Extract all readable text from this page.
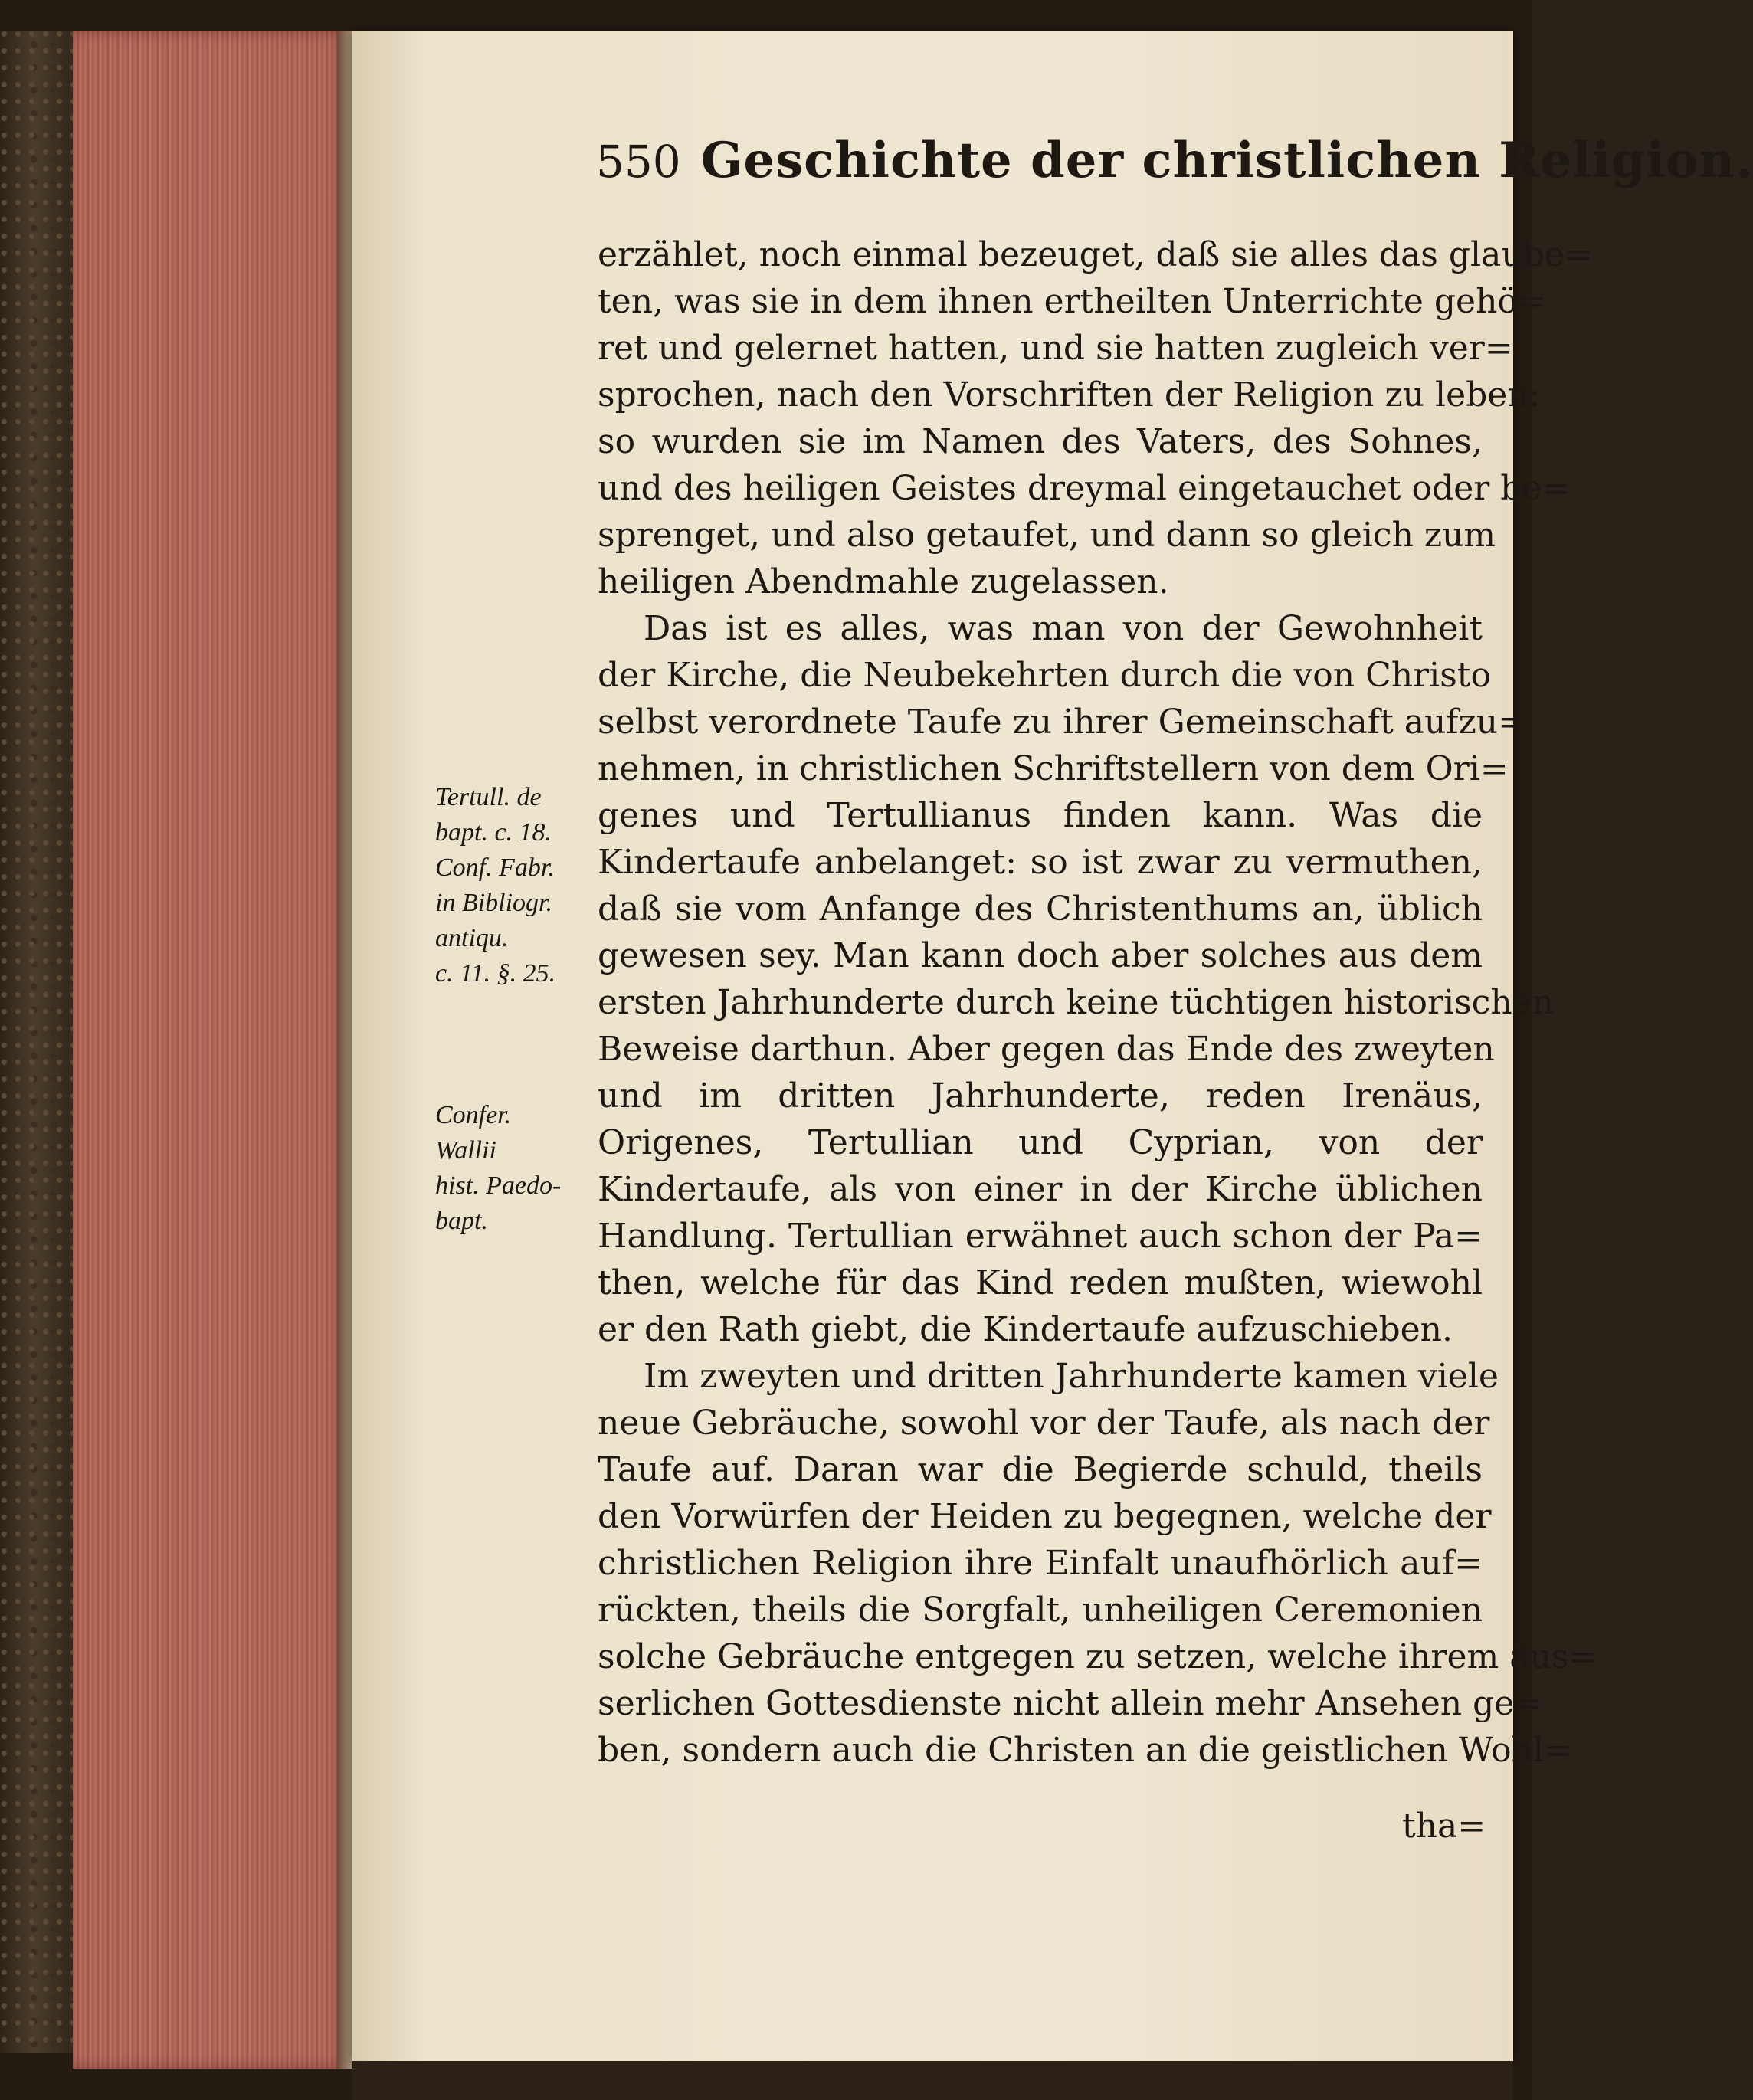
550 Geschichte der christlichen Religion.
erzählet, noch einmal bezeuget, daß sie alles das glaube=
ten, was sie in dem ihnen ertheilten Unterrichte gehö=
ret und gelernet hatten, und sie hatten zugleich ver=
sprochen, nach den Vorschriften der Religion zu leben:
so wurden sie im Namen des Vaters, des Sohnes,
und des heiligen Geistes dreymal eingetauchet oder be=
sprenget, und also getaufet, und dann so gleich zum
heiligen Abendmahle zugelassen.
Das ist es alles, was man von der Gewohnheit
der Kirche, die Neubekehrten durch die von Christo
selbst verordnete Taufe zu ihrer Gemeinschaft aufzu=
nehmen, in christlichen Schriftstellern von dem Ori=
genes und Tertullianus finden kann. Was die
Kindertaufe anbelanget: so ist zwar zu vermuthen,
daß sie vom Anfange des Christenthums an, üblich
gewesen sey. Man kann doch aber solches aus dem
ersten Jahrhunderte durch keine tüchtigen historischen
Beweise darthun. Aber gegen das Ende des zweyten
und im dritten Jahrhunderte, reden Irenäus,
Origenes, Tertullian und Cyprian, von der
Kindertaufe, als von einer in der Kirche üblichen
Handlung. Tertullian erwähnet auch schon der Pa=
then, welche für das Kind reden mußten, wiewohl
er den Rath giebt, die Kindertaufe aufzuschieben.
Im zweyten und dritten Jahrhunderte kamen viele
neue Gebräuche, sowohl vor der Taufe, als nach der
Taufe auf. Daran war die Begierde schuld, theils
den Vorwürfen der Heiden zu begegnen, welche der
christlichen Religion ihre Einfalt unaufhörlich auf=
rückten, theils die Sorgfalt, unheiligen Ceremonien
solche Gebräuche entgegen zu setzen, welche ihrem äus=
serlichen Gottesdienste nicht allein mehr Ansehen ge=
ben, sondern auch die Christen an die geistlichen Wohl=
tha=
Tertull. de
bapt. c. 18.
Conf. Fabr.
in Bibliogr.
antiqu.
c. 11. §. 25.
Confer.
Wallii
hist. Paedo-
bapt.
